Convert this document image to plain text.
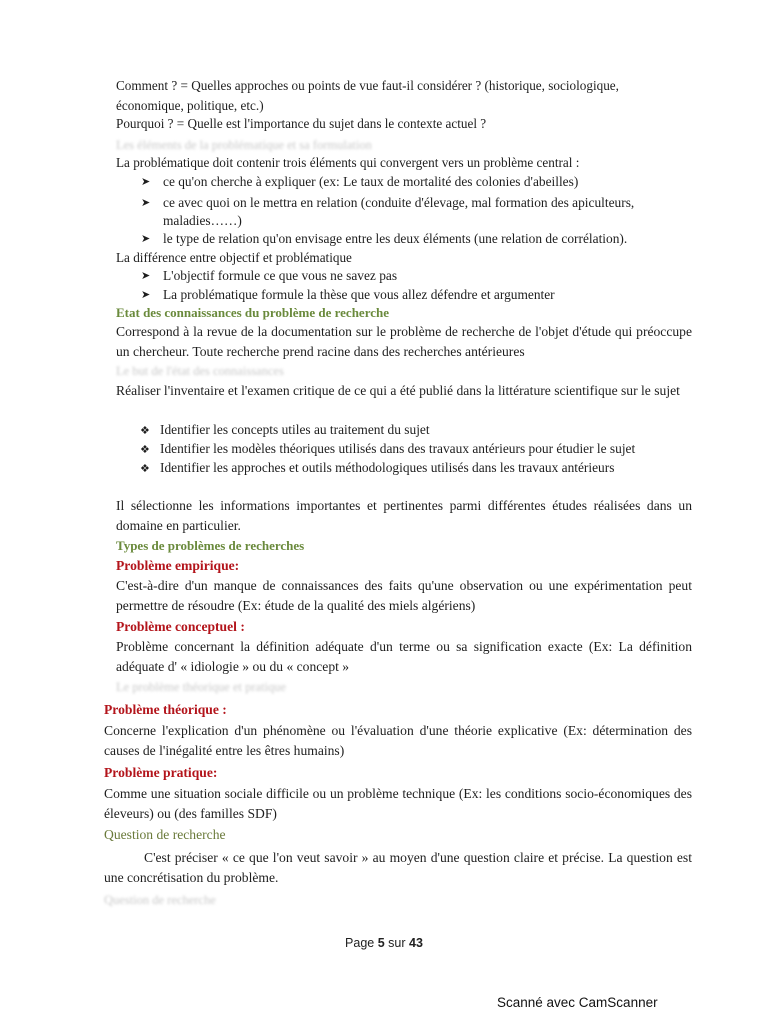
Comment ? = Quelles approches ou points de vue faut-il considérer ? (historique, sociologique,

économique, politique, etc.)

Pourquoi ? = Quelle est l'importance du sujet dans le contexte actuel ?
Les éléments de la problématique et sa formulation
La problématique doit contenir trois éléments qui convergent vers un problème central :
➤ ce qu'on cherche à expliquer (ex: Le taux de mortalité des colonies d'abeilles)
➤ ce avec quoi on le mettra en relation (conduite d'élevage, mal formation des apiculteurs,
maladies……)
➤ le type de relation qu'on envisage entre les deux éléments (une relation de corrélation).
La différence entre objectif et problématique
➤ L'objectif formule ce que vous ne savez pas
➤ La problématique formule la thèse que vous allez défendre et argumenter
Etat des connaissances du problème de recherche
Correspond à la revue de la documentation sur le problème de recherche de l'objet d'étude qui préoccupe un chercheur. Toute recherche prend racine dans des recherches antérieures
Le but de l'état des connaissances
Réaliser l'inventaire et l'examen critique de ce qui a été publié dans la littérature scientifique sur le sujet
❖ Identifier les concepts utiles au traitement du sujet
❖ Identifier les modèles théoriques utilisés dans des travaux antérieurs pour étudier le sujet
❖ Identifier les approches et outils méthodologiques utilisés dans les travaux antérieurs
Il sélectionne les informations importantes et pertinentes parmi différentes études réalisées dans un domaine en particulier.
Types de problèmes de recherches
Problème empirique:
C'est-à-dire d'un manque de connaissances des faits qu'une observation ou une expérimentation peut permettre de résoudre (Ex: étude de la qualité des miels algériens)
Problème conceptuel :
Problème concernant la définition adéquate d'un terme ou sa signification exacte (Ex: La définition adéquate d' « idiologie » ou du « concept »
Le problème théorique et pratique
Problème théorique :
Concerne l'explication d'un phénomène ou l'évaluation d'une théorie explicative (Ex: détermination des causes de l'inégalité entre les êtres humains)
Problème pratique:
Comme une situation sociale difficile ou un problème technique (Ex: les conditions socio-économiques des éleveurs) ou (des familles SDF)
Question de recherche
C'est préciser « ce que l'on veut savoir » au moyen d'une question claire et précise. La question est une concrétisation du problème.
Question de recherche
Page 5 sur 43
Scanné avec CamScanner
